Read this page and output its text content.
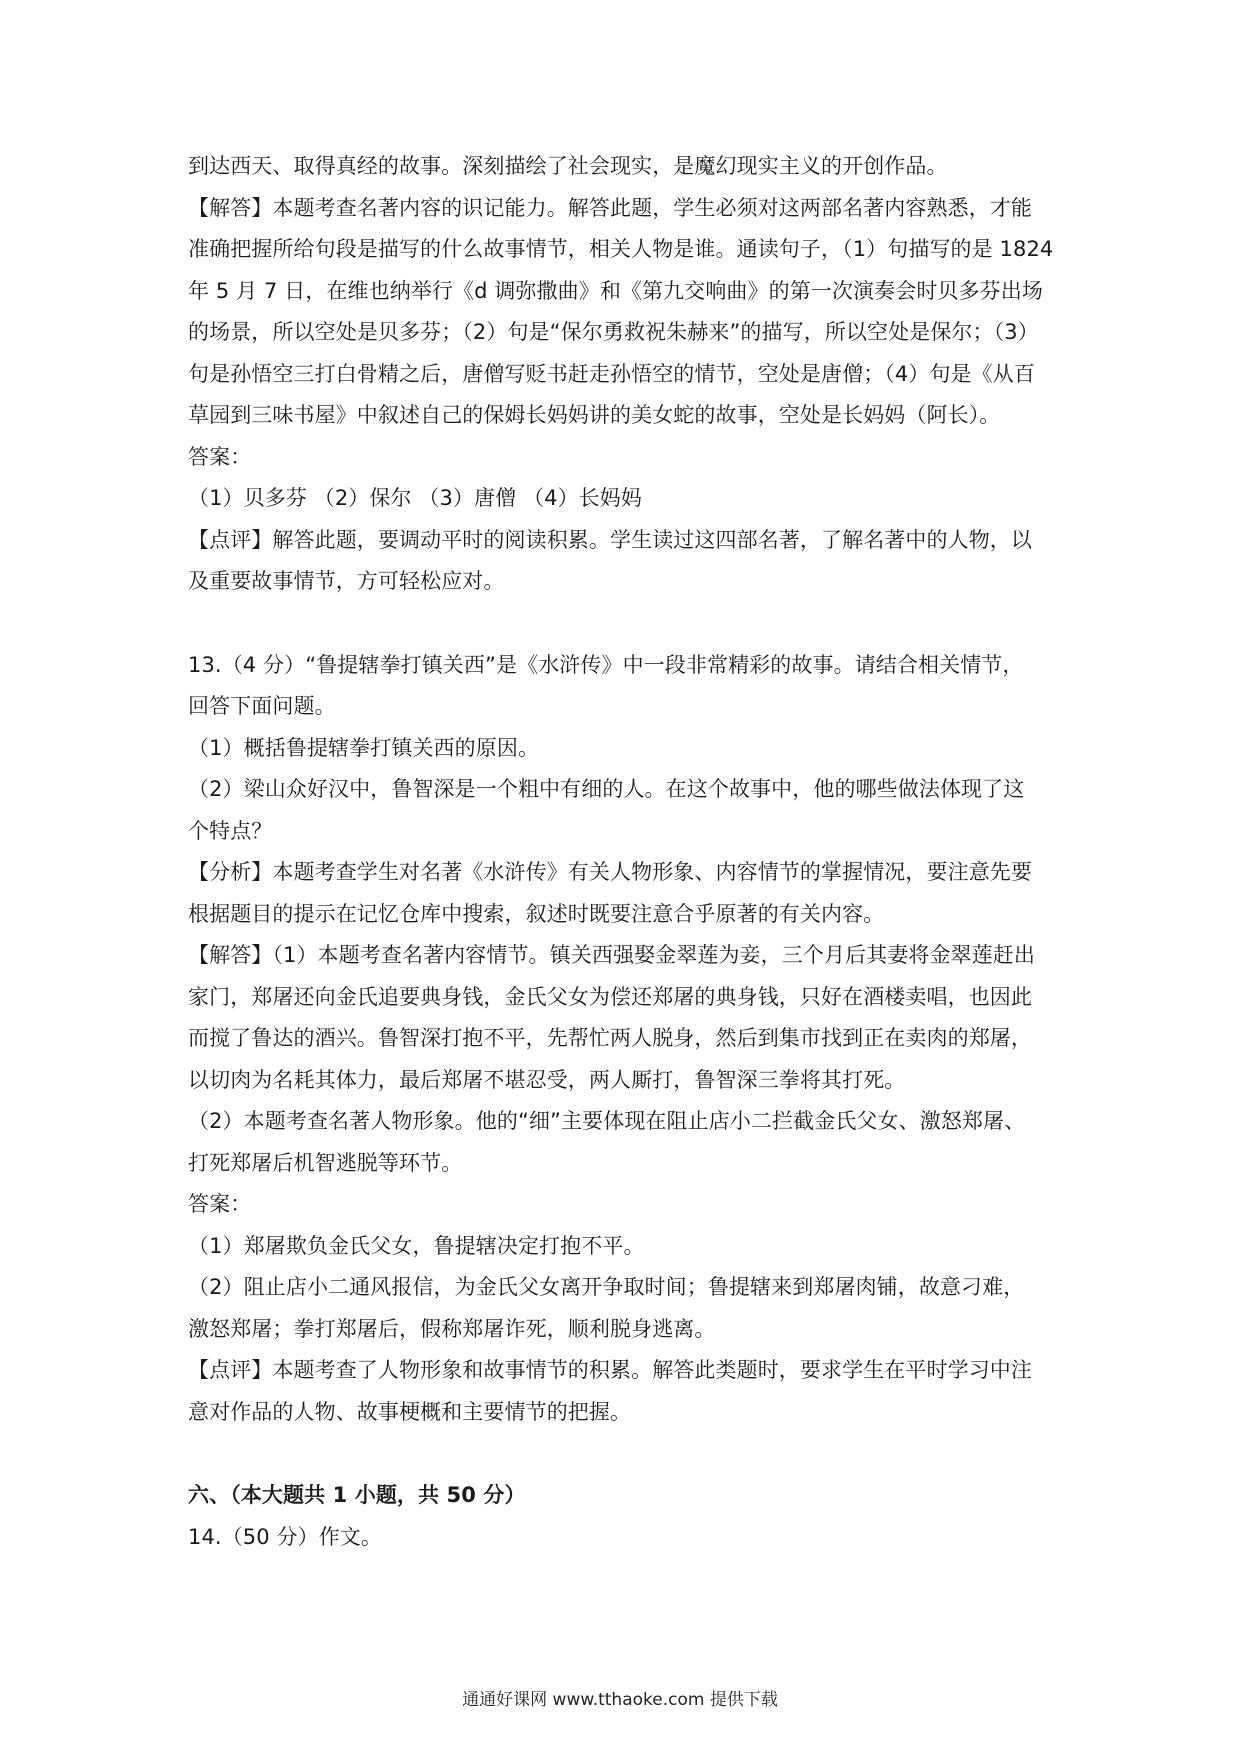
到达西天、取得真经的故事。深刻描绘了社会现实，是魔幻现实主义的开创作品。
【解答】本题考查名著内容的识记能力。解答此题，学生必须对这两部名著内容熟悉，才能
准确把握所给句段是描写的什么故事情节，相关人物是谁。通读句子，（1）句描写的是 1824
年 5 月 7 日，在维也纳举行《d 调弥撒曲》和《第九交响曲》的第一次演奏会时贝多芬出场
的场景，所以空处是贝多芬；（2）句是“保尔勇救祝朱赫来”的描写，所以空处是保尔；（3）
句是孙悟空三打白骨精之后，唐僧写贬书赶走孙悟空的情节，空处是唐僧；（4）句是《从百
草园到三味书屋》中叙述自己的保姆长妈妈讲的美女蛇的故事，空处是长妈妈（阿长）。
答案：
（1）贝多芬 （2）保尔 （3）唐僧 （4）长妈妈
【点评】解答此题，要调动平时的阅读积累。学生读过这四部名著，了解名著中的人物，以
及重要故事情节，方可轻松应对。
13.（4 分）“鲁提辖拳打镇关西”是《水浒传》中一段非常精彩的故事。请结合相关情节，
回答下面问题。
（1）概括鲁提辖拳打镇关西的原因。
（2）梁山众好汉中，鲁智深是一个粗中有细的人。在这个故事中，他的哪些做法体现了这
个特点？
【分析】本题考查学生对名著《水浒传》有关人物形象、内容情节的掌握情况，要注意先要
根据题目的提示在记忆仓库中搜索，叙述时既要注意合乎原著的有关内容。
【解答】（1）本题考查名著内容情节。镇关西强娶金翠莲为妾，三个月后其妻将金翠莲赶出
家门，郑屠还向金氏追要典身钱，金氏父女为偿还郑屠的典身钱，只好在酒楼卖唱，也因此
而搅了鲁达的酒兴。鲁智深打抱不平，先帮忙两人脱身，然后到集市找到正在卖肉的郑屠，
以切肉为名耗其体力，最后郑屠不堪忍受，两人厮打，鲁智深三拳将其打死。
（2）本题考查名著人物形象。他的“细”主要体现在阻止店小二拦截金氏父女、激怒郑屠、
打死郑屠后机智逃脱等环节。
答案：
（1）郑屠欺负金氏父女，鲁提辖决定打抱不平。
（2）阻止店小二通风报信，为金氏父女离开争取时间；鲁提辖来到郑屠肉铺，故意刁难，
激怒郑屠；拳打郑屠后，假称郑屠诈死，顺利脱身逃离。
【点评】本题考查了人物形象和故事情节的积累。解答此类题时，要求学生在平时学习中注
意对作品的人物、故事梗概和主要情节的把握。
六、（本大题共 1 小题，共 50 分）
14.（50 分）作文。
通通好课网 www.tthaoke.com 提供下载
